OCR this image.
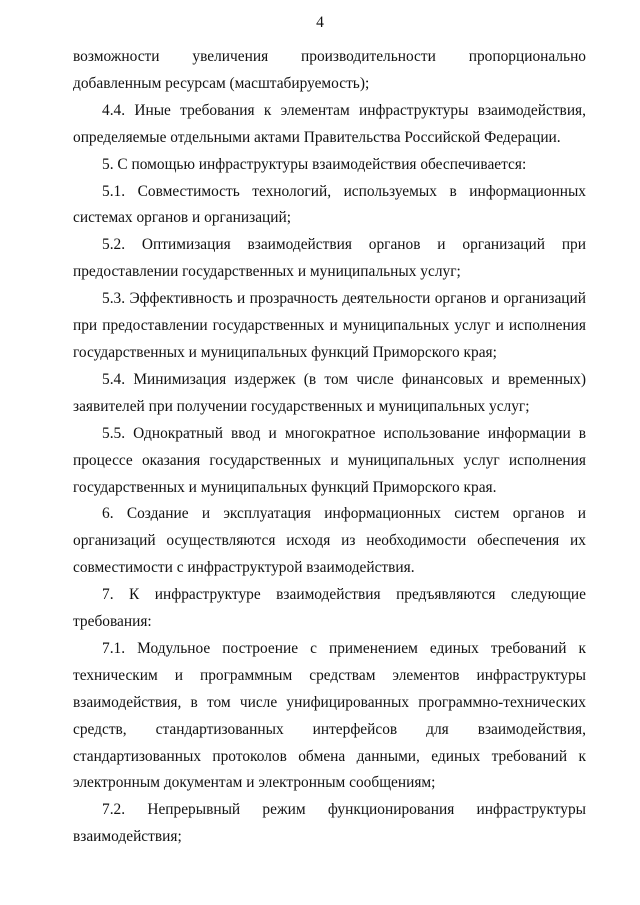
4

возможности увеличения производительности пропорционально добавленным ресурсам (масштабируемость);

4.4. Иные требования к элементам инфраструктуры взаимодействия, определяемые отдельными актами Правительства Российской Федерации.

5. С помощью инфраструктуры взаимодействия обеспечивается:

5.1. Совместимость технологий, используемых в информационных системах органов и организаций;

5.2. Оптимизация взаимодействия органов и организаций при предоставлении государственных и муниципальных услуг;

5.3. Эффективность и прозрачность деятельности органов и организаций при предоставлении государственных и муниципальных услуг и исполнения государственных и муниципальных функций Приморского края;

5.4. Минимизация издержек (в том числе финансовых и временных) заявителей при получении государственных и муниципальных услуг;

5.5. Однократный ввод и многократное использование информации в процессе оказания государственных и муниципальных услуг исполнения государственных и муниципальных функций Приморского края.

6. Создание и эксплуатация информационных систем органов и организаций осуществляются исходя из необходимости обеспечения их совместимости с инфраструктурой взаимодействия.

7. К инфраструктуре взаимодействия предъявляются следующие требования:

7.1. Модульное построение с применением единых требований к техническим и программным средствам элементов инфраструктуры взаимодействия, в том числе унифицированных программно-технических средств, стандартизованных интерфейсов для взаимодействия, стандартизованных протоколов обмена данными, единых требований к электронным документам и электронным сообщениям;

7.2. Непрерывный режим функционирования инфраструктуры взаимодействия;
